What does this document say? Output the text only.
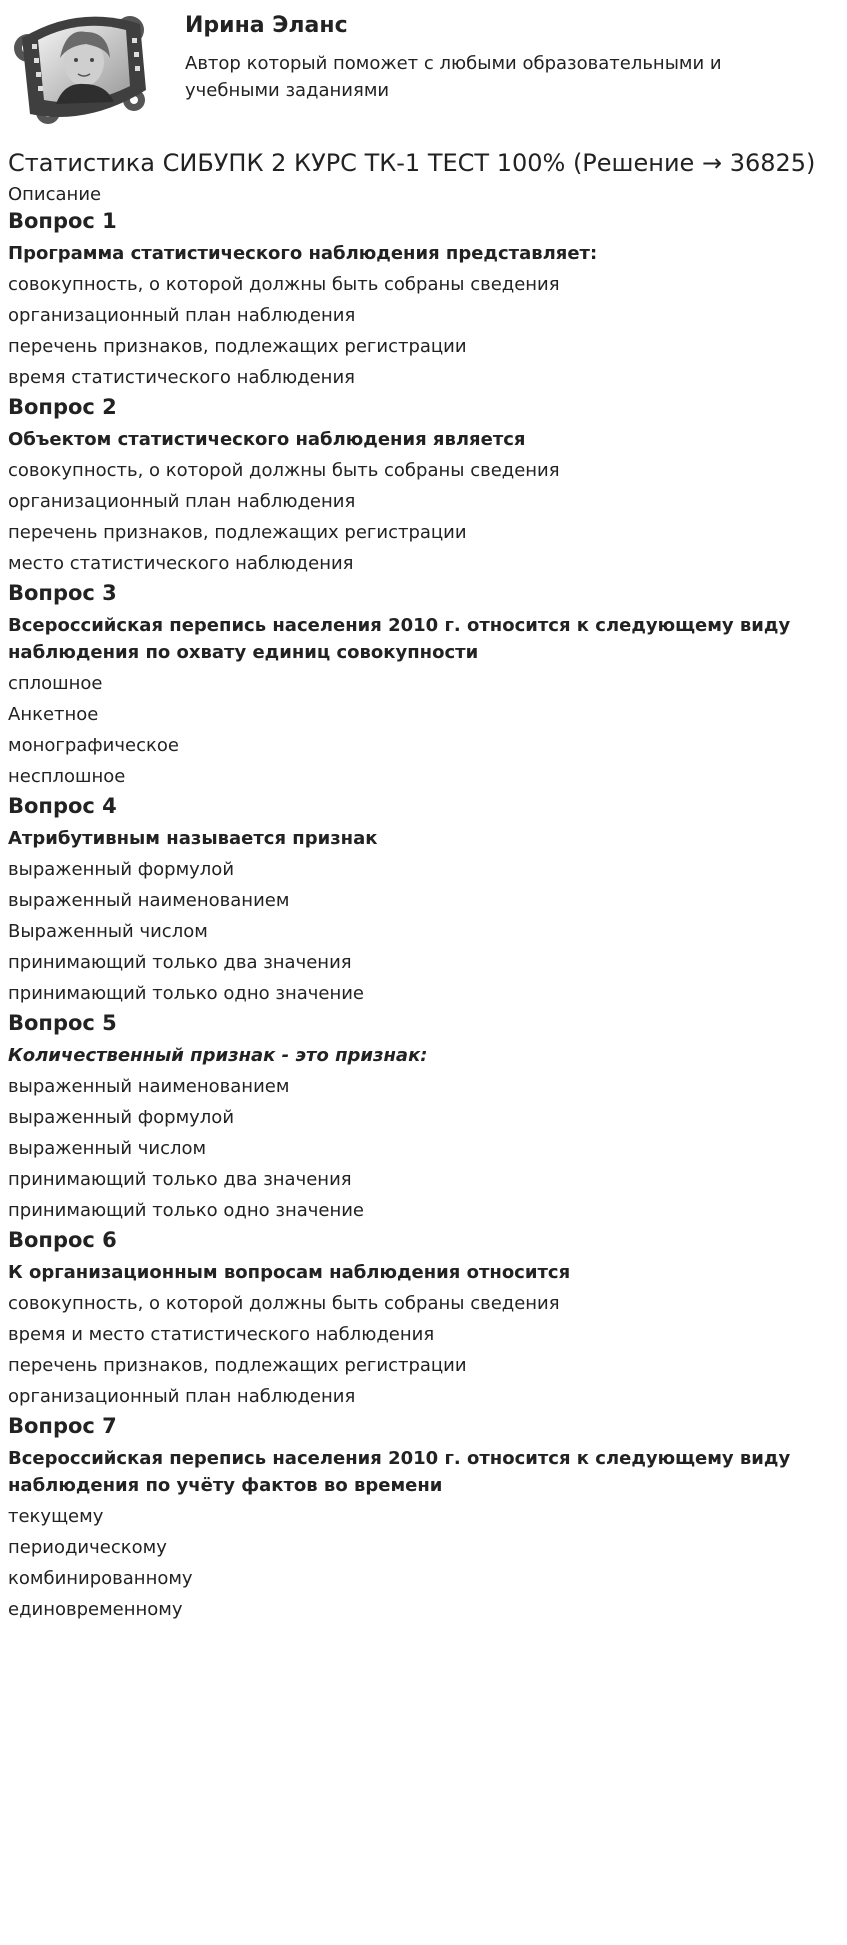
Ирина Эланс
Автор который поможет с любыми образовательными и учебными заданиями
Статистика СИБУПК 2 КУРС ТК-1 ТЕСТ 100% (Решение → 36825)
Описание
Вопрос 1
Программа статистического наблюдения представляет:
совокупность, о которой должны быть собраны сведения
организационный план наблюдения
перечень признаков, подлежащих регистрации
время статистического наблюдения
Вопрос 2
Объектом статистического наблюдения является
совокупность, о которой должны быть собраны сведения
организационный план наблюдения
перечень признаков, подлежащих регистрации
место статистического наблюдения
Вопрос 3
Всероссийская перепись населения 2010 г. относится к следующему виду наблюдения по охвату единиц совокупности
сплошное
Анкетное
монографическое
несплошное
Вопрос 4
Атрибутивным называется признак
выраженный формулой
выраженный наименованием
Выраженный числом
принимающий только два значения
принимающий только одно значение
Вопрос 5
Количественный признак - это признак:
выраженный наименованием
выраженный формулой
выраженный числом
принимающий только два значения
принимающий только одно значение
Вопрос 6
К организационным вопросам наблюдения относится
совокупность, о которой должны быть собраны сведения
время и место статистического наблюдения
перечень признаков, подлежащих регистрации
организационный план наблюдения
Вопрос 7
Всероссийская перепись населения 2010 г. относится к следующему виду наблюдения по учёту фактов во времени
текущему
периодическому
комбинированному
единовременному
